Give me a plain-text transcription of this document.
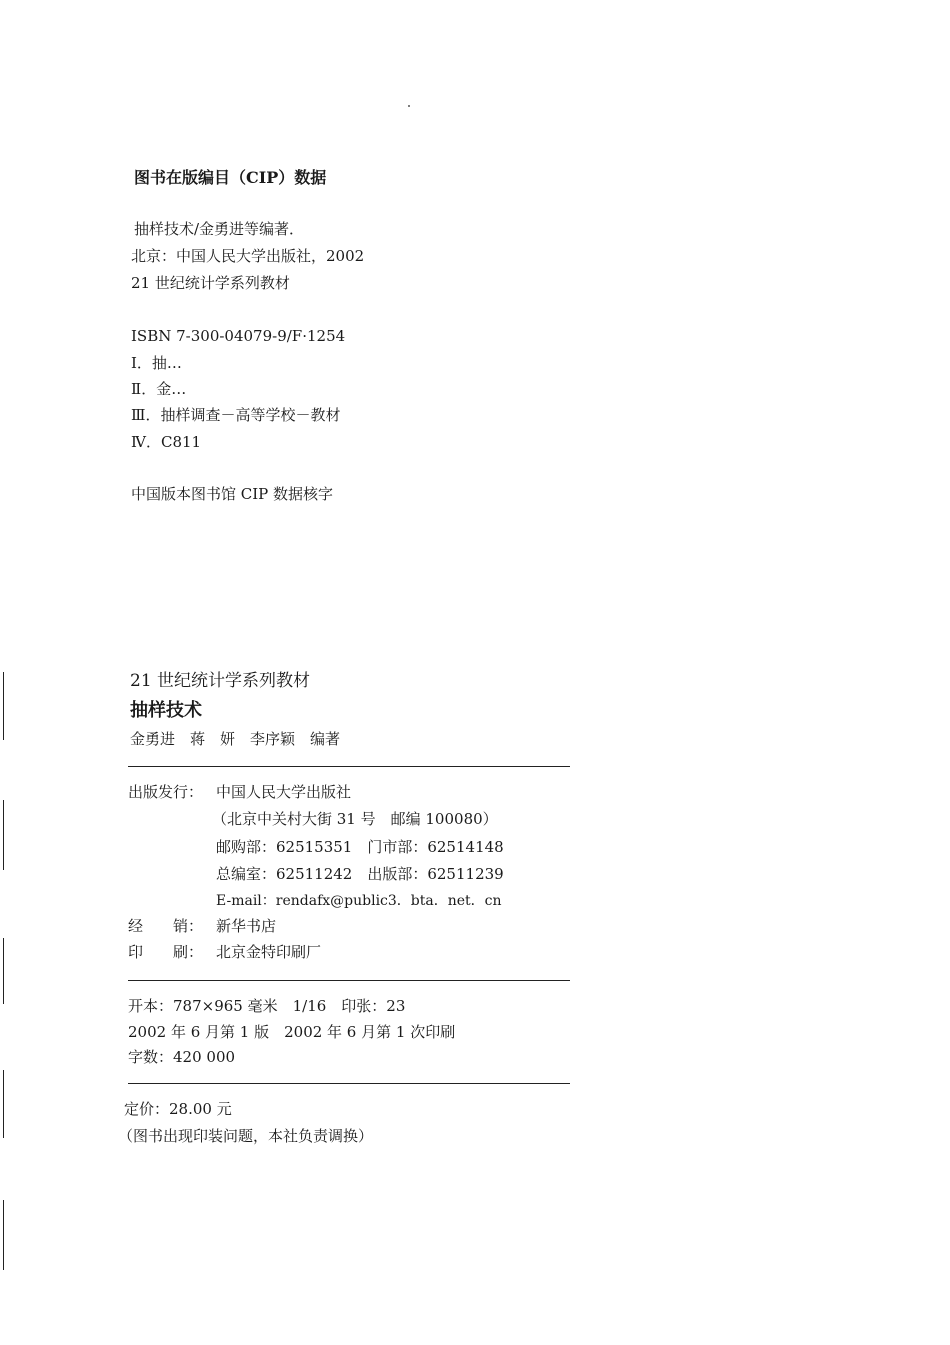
图书在版编目（CIP）数据
抽样技术/金勇进等编著．
北京：中国人民大学出版社，2002
21 世纪统计学系列教材
ISBN 7-300-04079-9/F·1254
Ⅰ．抽…
Ⅱ．金…
Ⅲ．抽样调查－高等学校－教材
Ⅳ．C811
中国版本图书馆 CIP 数据核字
21 世纪统计学系列教材
抽样技术
金勇进　蒋　妍　李序颖　编著
出版发行： 中国人民大学出版社
（北京中关村大街 31 号　邮编 100080）
邮购部：62515351　门市部：62514148
总编室：62511242　出版部：62511239
E-mail：rendafx@public3．bta．net．cn
经　　销： 新华书店
印　　刷： 北京金特印刷厂
开本：787×965 毫米　1/16　印张：23
2002 年 6 月第 1 版　2002 年 6 月第 1 次印刷
字数：420 000
定价：28.00 元
（图书出现印装问题，本社负责调换）
